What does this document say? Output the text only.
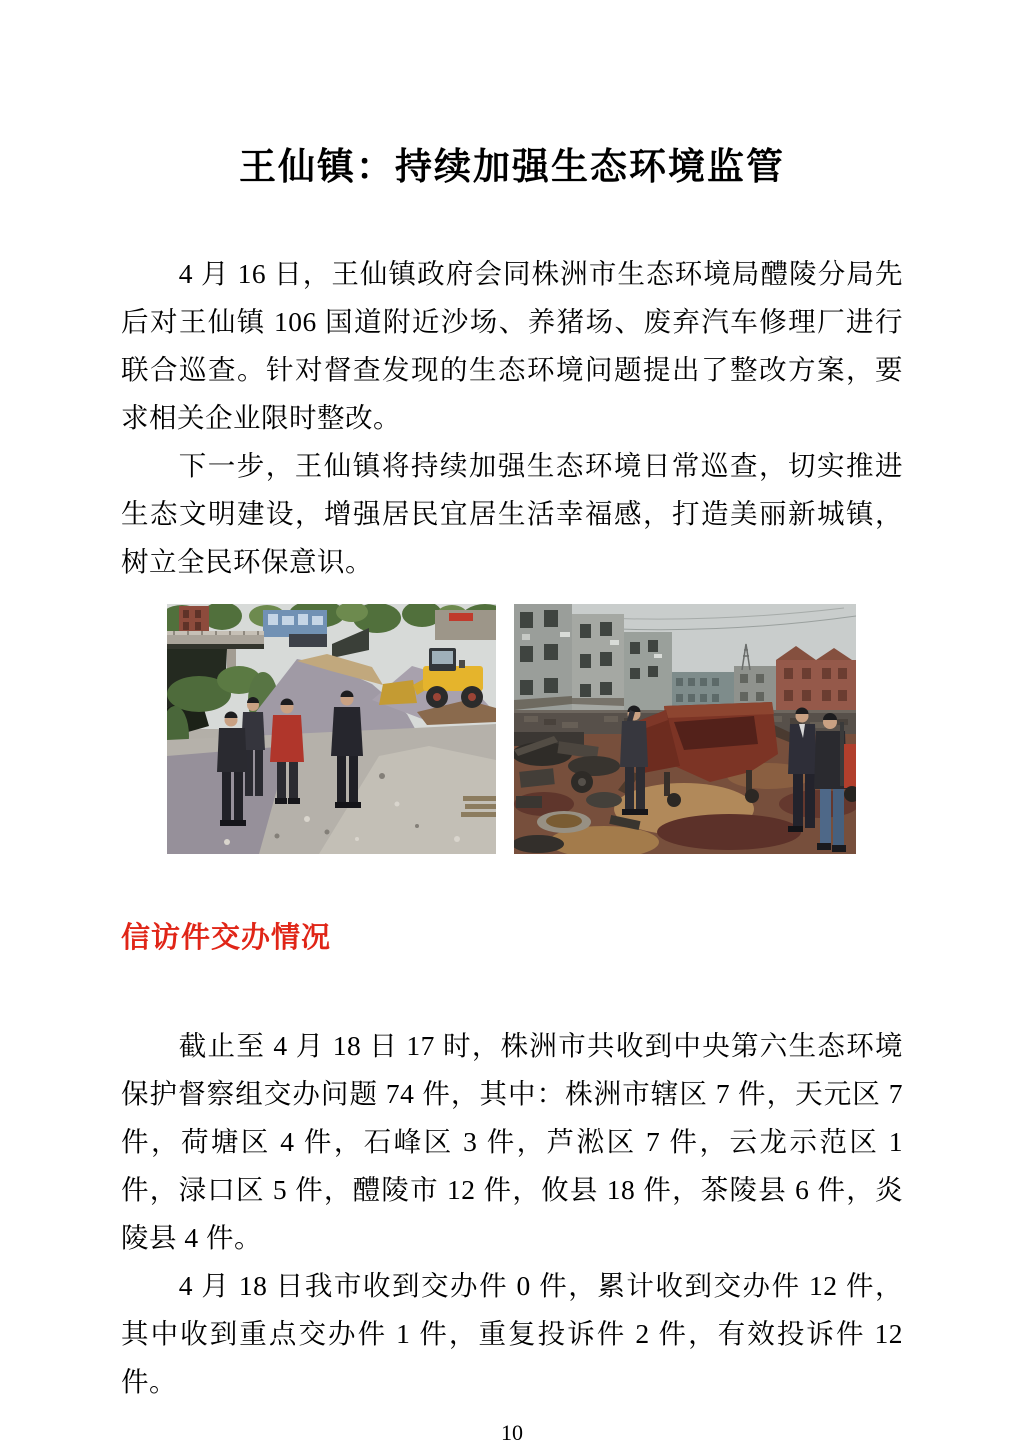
王仙镇：持续加强生态环境监管

4 月 16 日，王仙镇政府会同株洲市生态环境局醴陵分局先后对王仙镇 106 国道附近沙场、养猪场、废弃汽车修理厂进行联合巡查。针对督查发现的生态环境问题提出了整改方案，要求相关企业限时整改。

下一步，王仙镇将持续加强生态环境日常巡查，切实推进生态文明建设，增强居民宜居生活幸福感，打造美丽新城镇，树立全民环保意识。

信访件交办情况

截止至 4 月 18 日 17 时，株洲市共收到中央第六生态环境保护督察组交办问题 74 件，其中：株洲市辖区 7 件，天元区 7 件，荷塘区 4 件，石峰区 3 件，芦淞区 7 件，云龙示范区 1 件，渌口区 5 件，醴陵市 12 件，攸县 18 件，茶陵县 6 件，炎陵县 4 件。

4 月 18 日我市收到交办件 0 件，累计收到交办件 12 件，其中收到重点交办件 1 件，重复投诉件 2 件，有效投诉件 12 件。

10
